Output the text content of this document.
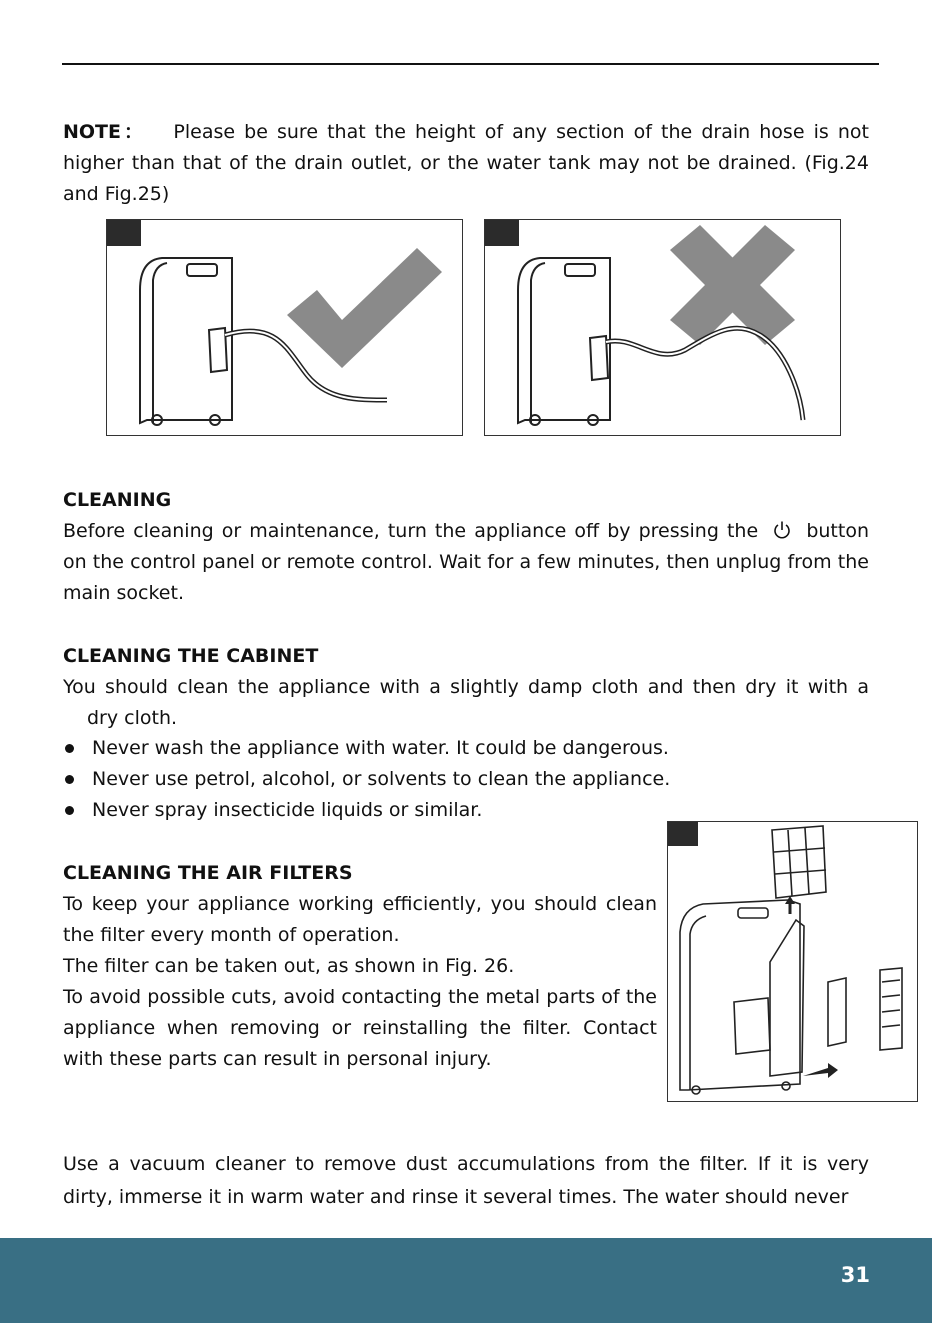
NOTE： Please be sure that the height of any section of the drain hose is not higher than that of the drain outlet, or the water tank may not be drained. (Fig.24 and Fig.25)

CLEANING

Before cleaning or maintenance, turn the appliance off by pressing the	button on the control panel or remote control. Wait for a few minutes, then unplug from the main socket.

CLEANING THE CABINET

You should clean the appliance with a slightly damp cloth and then dry it with a

dry cloth.

Never wash the appliance with water. It could be dangerous.
Never use petrol, alcohol, or solvents to clean the appliance.
Never spray insecticide liquids or similar.
CLEANING THE AIR FILTERS

To keep your appliance working efficiently, you should clean the filter every month of operation.

The filter can be taken out, as shown in Fig. 26.

To avoid possible cuts, avoid contacting the metal parts of the appliance when removing or reinstalling the filter. Contact with these parts can result in personal injury.

Use a vacuum cleaner to remove dust accumulations from the filter. If it is very dirty, immerse it in warm water and rinse it several times. The water should never

31
